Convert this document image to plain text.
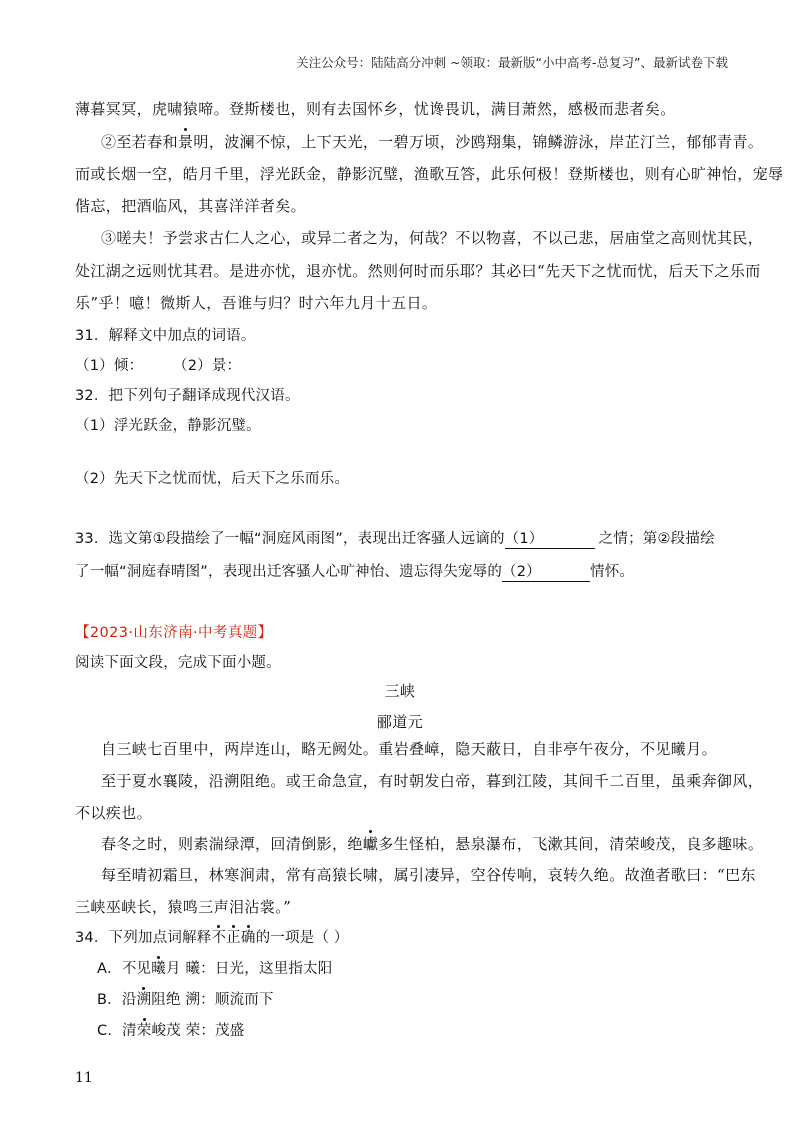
关注公众号：陆陆高分冲刺 ~领取：最新版“小中高考-总复习”、最新试卷下载
薄暮冥冥，虎啸猿啼。登斯楼也，则有去国怀乡，忧谗畏讥，满目萧然，感极而悲者矣。
②至若春和景明，波澜不惊，上下天光，一碧万顷，沙鸥翔集，锦鳞游泳，岸芷汀兰，郁郁青青。
而或长烟一空，皓月千里，浮光跃金，静影沉璧，渔歌互答，此乐何极！登斯楼也，则有心旷神怡，宠辱
偕忘，把酒临风，其喜洋洋者矣。
③嗟夫！予尝求古仁人之心，或异二者之为，何哉？不以物喜，不以己悲，居庙堂之高则忧其民，
处江湖之远则忧其君。是进亦忧，退亦忧。然则何时而乐耶？其必曰“先天下之忧而忧，后天下之乐而
乐”乎！噫！微斯人，吾谁与归？时六年九月十五日。
31．解释文中加点的词语。
（1）倾： （2）景：
32．把下列句子翻译成现代汉语。
（1）浮光跃金，静影沉璧。
（2）先天下之忧而忧，后天下之乐而乐。
33．选文第①段描绘了一幅“洞庭风雨图”，表现出迁客骚人远谪的（1）	之情；第②段描绘
了一幅“洞庭春晴图”，表现出迁客骚人心旷神怡、遗忘得失宠辱的（2）	情怀。
【2023·山东济南·中考真题】
阅读下面文段，完成下面小题。
三峡
郦道元
自三峡七百里中，两岸连山，略无阙处。重岩叠嶂，隐天蔽日，自非亭午夜分，不见曦月。
至于夏水襄陵，沿溯阻绝。或王命急宣，有时朝发白帝，暮到江陵，其间千二百里，虽乘奔御风，
不以疾也。
春冬之时，则素湍绿潭，回清倒影，绝巘多生怪柏，悬泉瀑布，飞漱其间，清荣峻茂，良多趣味。
每至晴初霜旦，林寒涧肃，常有高猿长啸，属引凄异，空谷传响，哀转久绝。故渔者歌曰：“巴东
三峡巫峡长，猿鸣三声泪沾裳。”
34．下列加点词解释不正确的一项是（ ）
A．不见曦月 曦：日光，这里指太阳
B．沿溯阻绝 溯：顺流而下
C．清荣峻茂 荣：茂盛
11
